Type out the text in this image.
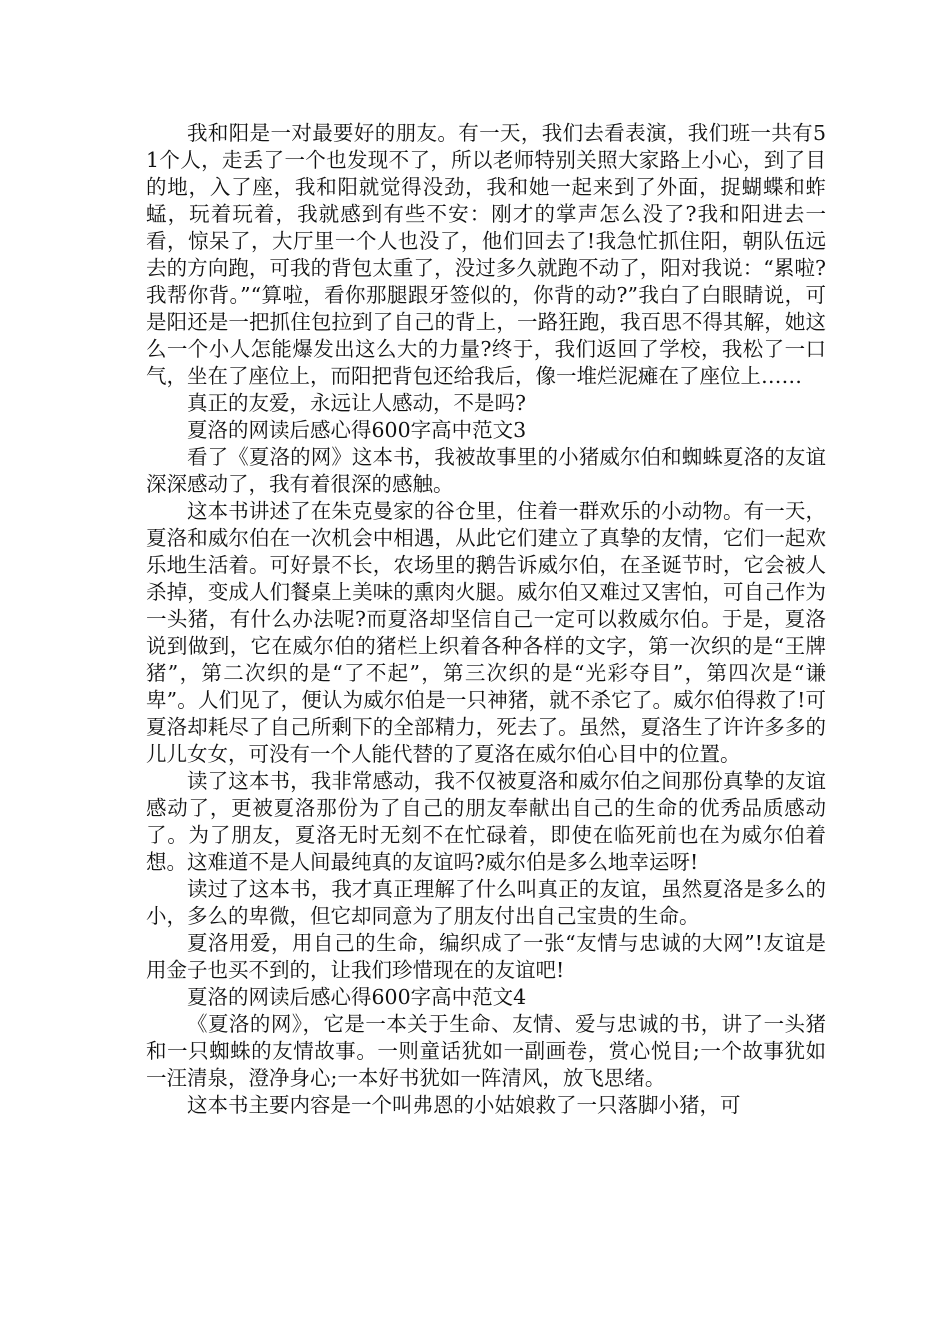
我和阳是一对最要好的朋友。有一天，我们去看表演，我们班一共有51个人，走丢了一个也发现不了，所以老师特别关照大家路上小心，到了目的地，入了座，我和阳就觉得没劲，我和她一起来到了外面，捉蝴蝶和蚱蜢，玩着玩着，我就感到有些不安：刚才的掌声怎么没了?我和阳进去一看，惊呆了，大厅里一个人也没了，他们回去了!我急忙抓住阳，朝队伍远去的方向跑，可我的背包太重了，没过多久就跑不动了，阳对我说：“累啦?我帮你背。”“算啦，看你那腿跟牙签似的，你背的动?”我白了白眼睛说，可是阳还是一把抓住包拉到了自己的背上，一路狂跑，我百思不得其解，她这么一个小人怎能爆发出这么大的力量?终于，我们返回了学校，我松了一口气，坐在了座位上，而阳把背包还给我后，像一堆烂泥瘫在了座位上……

真正的友爱，永远让人感动，不是吗?

夏洛的网读后感心得600字高中范文3

看了《夏洛的网》这本书，我被故事里的小猪威尔伯和蜘蛛夏洛的友谊深深感动了，我有着很深的感触。

这本书讲述了在朱克曼家的谷仓里，住着一群欢乐的小动物。有一天，夏洛和威尔伯在一次机会中相遇，从此它们建立了真挚的友情，它们一起欢乐地生活着。可好景不长，农场里的鹅告诉威尔伯，在圣诞节时，它会被人杀掉，变成人们餐桌上美味的熏肉火腿。威尔伯又难过又害怕，可自己作为一头猪，有什么办法呢?而夏洛却坚信自己一定可以救威尔伯。于是，夏洛说到做到，它在威尔伯的猪栏上织着各种各样的文字，第一次织的是“王牌猪”，第二次织的是“了不起”，第三次织的是“光彩夺目”，第四次是“谦卑”。人们见了，便认为威尔伯是一只神猪，就不杀它了。威尔伯得救了!可夏洛却耗尽了自己所剩下的全部精力，死去了。虽然，夏洛生了许许多多的儿儿女女，可没有一个人能代替的了夏洛在威尔伯心目中的位置。

读了这本书，我非常感动，我不仅被夏洛和威尔伯之间那份真挚的友谊感动了，更被夏洛那份为了自己的朋友奉献出自己的生命的优秀品质感动了。为了朋友，夏洛无时无刻不在忙碌着，即使在临死前也在为威尔伯着想。这难道不是人间最纯真的友谊吗?威尔伯是多么地幸运呀!

读过了这本书，我才真正理解了什么叫真正的友谊，虽然夏洛是多么的小，多么的卑微，但它却同意为了朋友付出自己宝贵的生命。

夏洛用爱，用自己的生命，编织成了一张“友情与忠诚的大网”!友谊是用金子也买不到的，让我们珍惜现在的友谊吧!

夏洛的网读后感心得600字高中范文4

《夏洛的网》，它是一本关于生命、友情、爱与忠诚的书，讲了一头猪和一只蜘蛛的友情故事。一则童话犹如一副画卷，赏心悦目;一个故事犹如一汪清泉，澄净身心;一本好书犹如一阵清风，放飞思绪。

这本书主要内容是一个叫弗恩的小姑娘救了一只落脚小猪，可
